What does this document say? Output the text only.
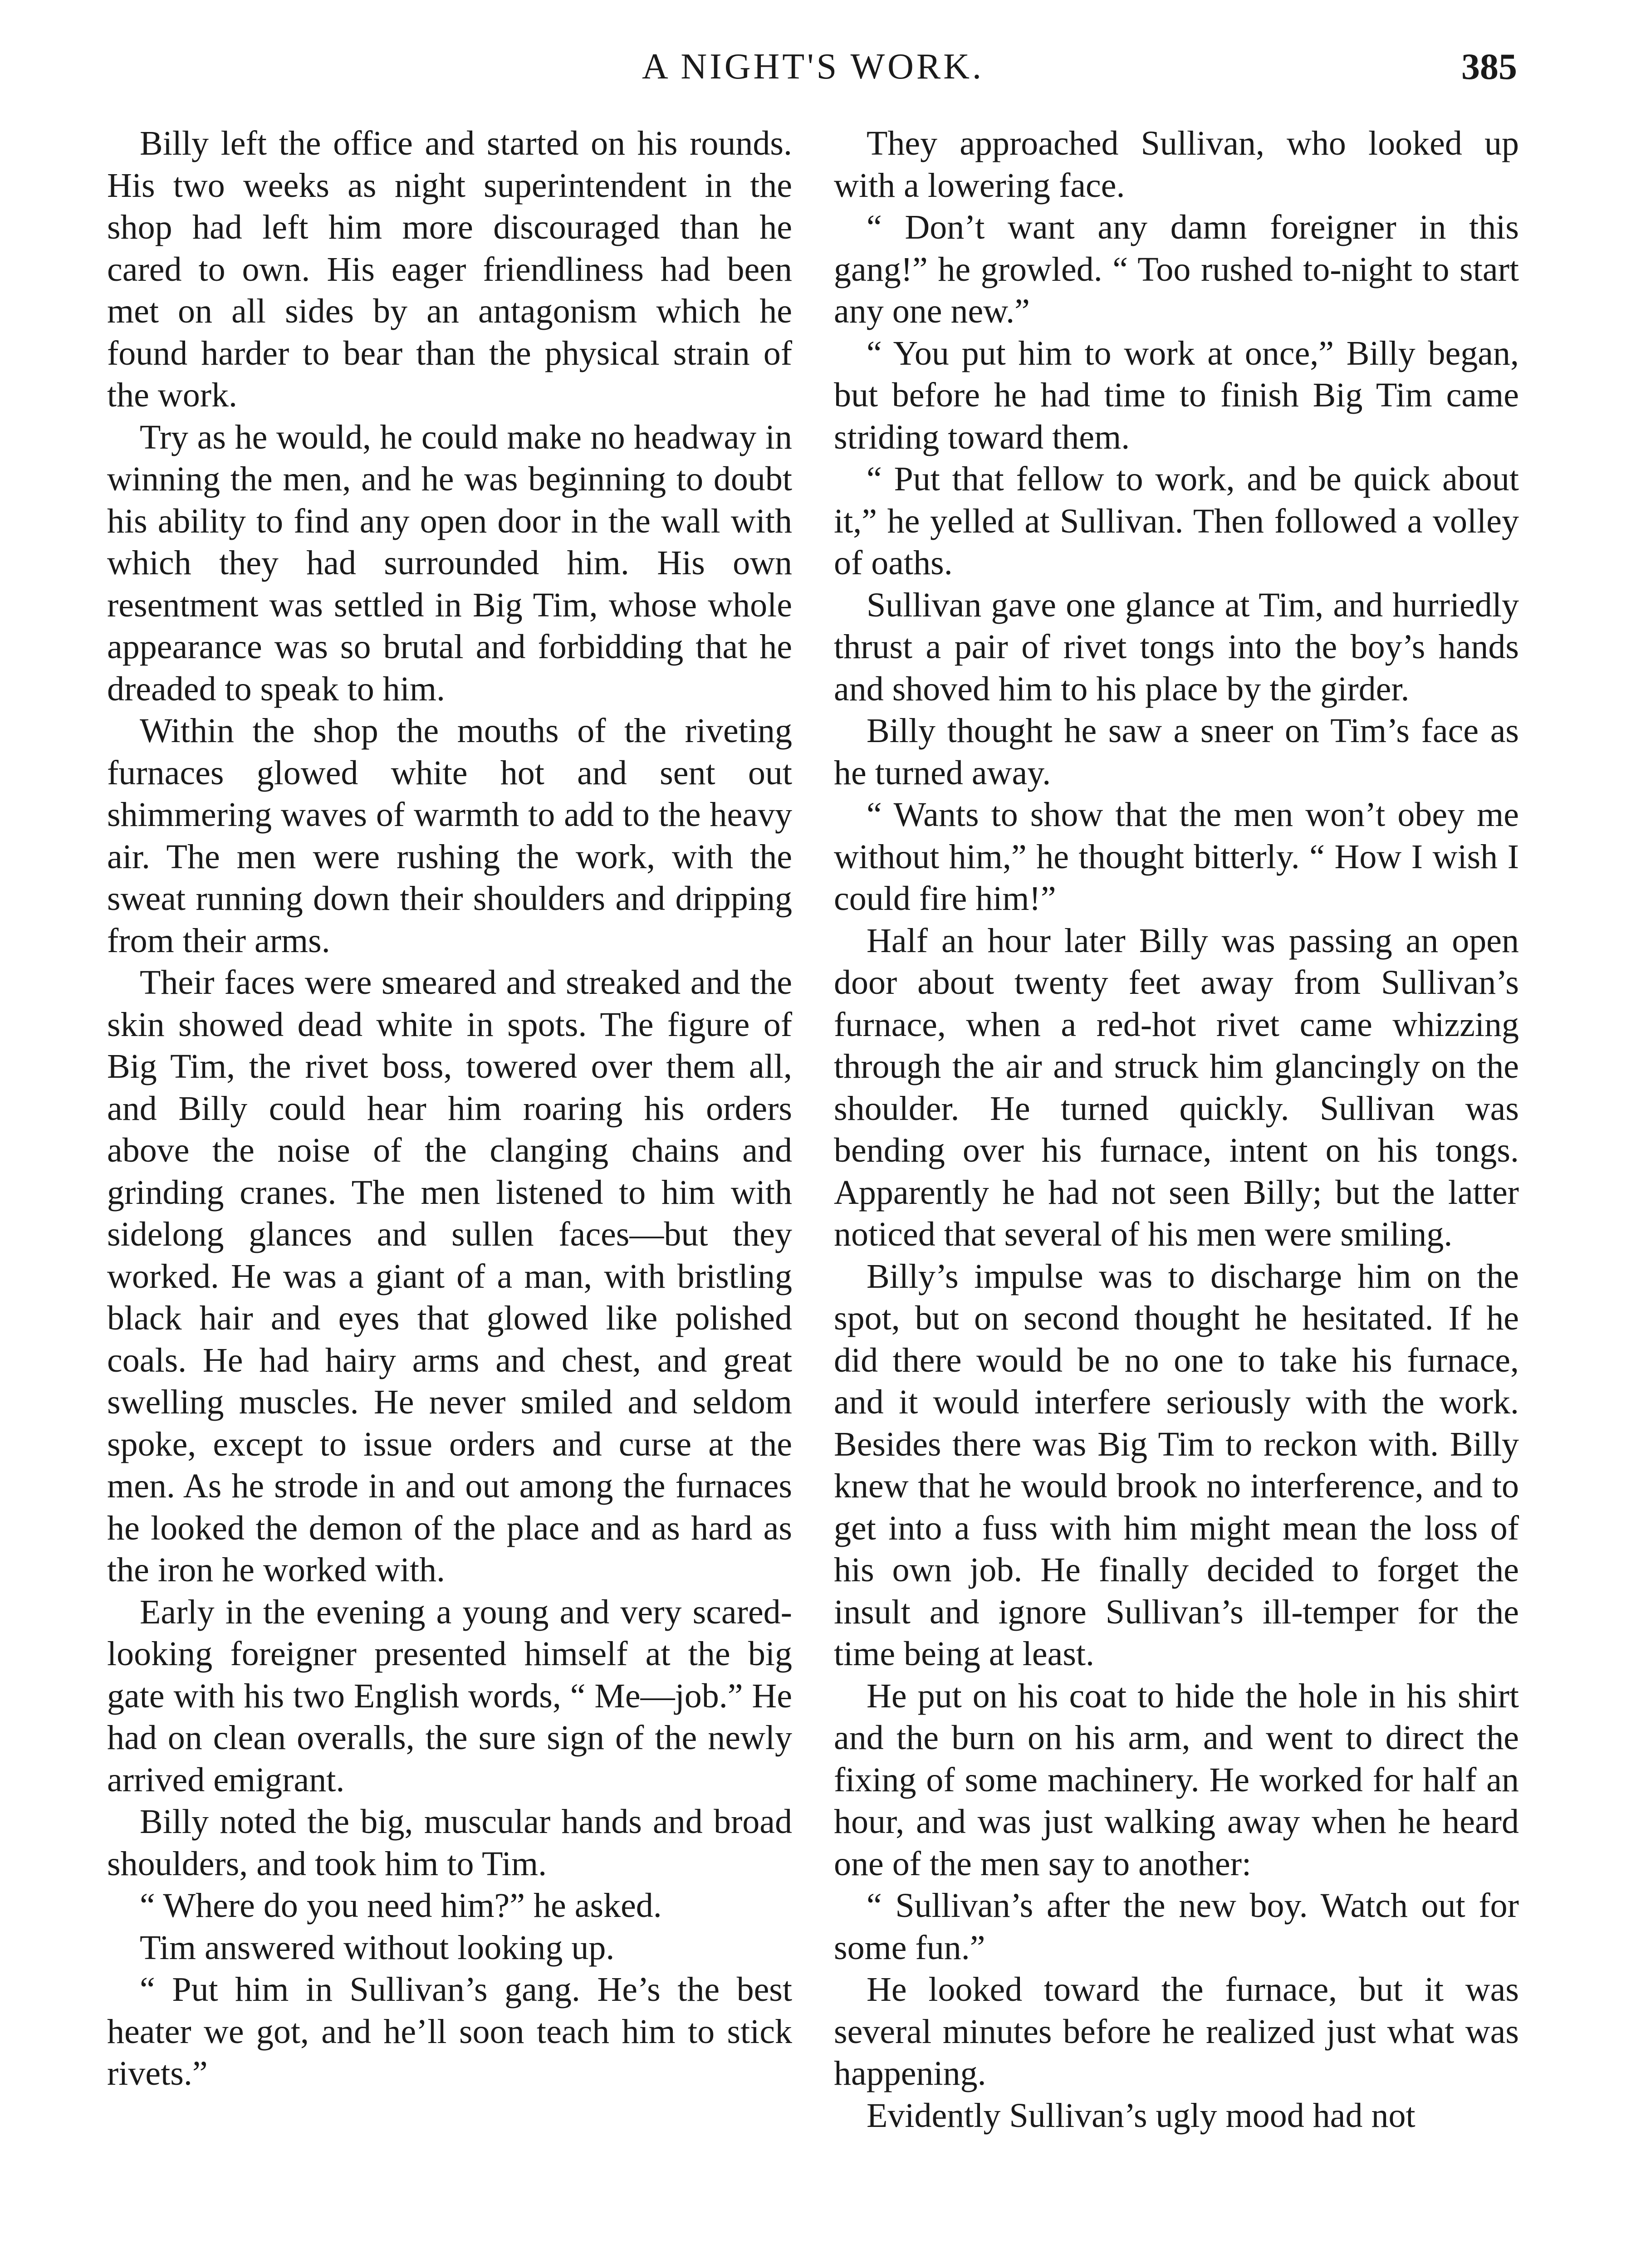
A NIGHT'S WORK.	385

Billy left the office and started on his rounds. His two weeks as night superintendent in the shop had left him more discouraged than he cared to own. His eager friendliness had been met on all sides by an antagonism which he found harder to bear than the physical strain of the work.

Try as he would, he could make no headway in winning the men, and he was beginning to doubt his ability to find any open door in the wall with which they had surrounded him. His own resentment was settled in Big Tim, whose whole appearance was so brutal and forbidding that he dreaded to speak to him.

Within the shop the mouths of the riveting furnaces glowed white hot and sent out shimmering waves of warmth to add to the heavy air. The men were rushing the work, with the sweat running down their shoulders and dripping from their arms.

Their faces were smeared and streaked and the skin showed dead white in spots. The figure of Big Tim, the rivet boss, towered over them all, and Billy could hear him roaring his orders above the noise of the clanging chains and grinding cranes. The men listened to him with sidelong glances and sullen faces—but they worked. He was a giant of a man, with bristling black hair and eyes that glowed like polished coals. He had hairy arms and chest, and great swelling muscles. He never smiled and seldom spoke, except to issue orders and curse at the men. As he strode in and out among the furnaces he looked the demon of the place and as hard as the iron he worked with.

Early in the evening a young and very scared-looking foreigner presented himself at the big gate with his two English words, “ Me—job.” He had on clean overalls, the sure sign of the newly arrived emigrant.

Billy noted the big, muscular hands and broad shoulders, and took him to Tim.

“ Where do you need him?” he asked.

Tim answered without looking up.

“ Put him in Sullivan’s gang. He’s the best heater we got, and he’ll soon teach him to stick rivets.”

They approached Sullivan, who looked up with a lowering face.

“ Don’t want any damn foreigner in this gang!” he growled. “ Too rushed to-night to start any one new.”

“ You put him to work at once,” Billy began, but before he had time to finish Big Tim came striding toward them.

“ Put that fellow to work, and be quick about it,” he yelled at Sullivan. Then followed a volley of oaths.

Sullivan gave one glance at Tim, and hurriedly thrust a pair of rivet tongs into the boy’s hands and shoved him to his place by the girder.

Billy thought he saw a sneer on Tim’s face as he turned away.

“ Wants to show that the men won’t obey me without him,” he thought bitterly. “ How I wish I could fire him!”

Half an hour later Billy was passing an open door about twenty feet away from Sullivan’s furnace, when a red-hot rivet came whizzing through the air and struck him glancingly on the shoulder. He turned quickly. Sullivan was bending over his furnace, intent on his tongs. Apparently he had not seen Billy; but the latter noticed that several of his men were smiling.

Billy’s impulse was to discharge him on the spot, but on second thought he hesitated. If he did there would be no one to take his furnace, and it would interfere seriously with the work. Besides there was Big Tim to reckon with. Billy knew that he would brook no interference, and to get into a fuss with him might mean the loss of his own job. He finally decided to forget the insult and ignore Sullivan’s ill-temper for the time being at least.

He put on his coat to hide the hole in his shirt and the burn on his arm, and went to direct the fixing of some machinery. He worked for half an hour, and was just walking away when he heard one of the men say to another:

“ Sullivan’s after the new boy. Watch out for some fun.”

He looked toward the furnace, but it was several minutes before he realized just what was happening.

Evidently Sullivan’s ugly mood had not
